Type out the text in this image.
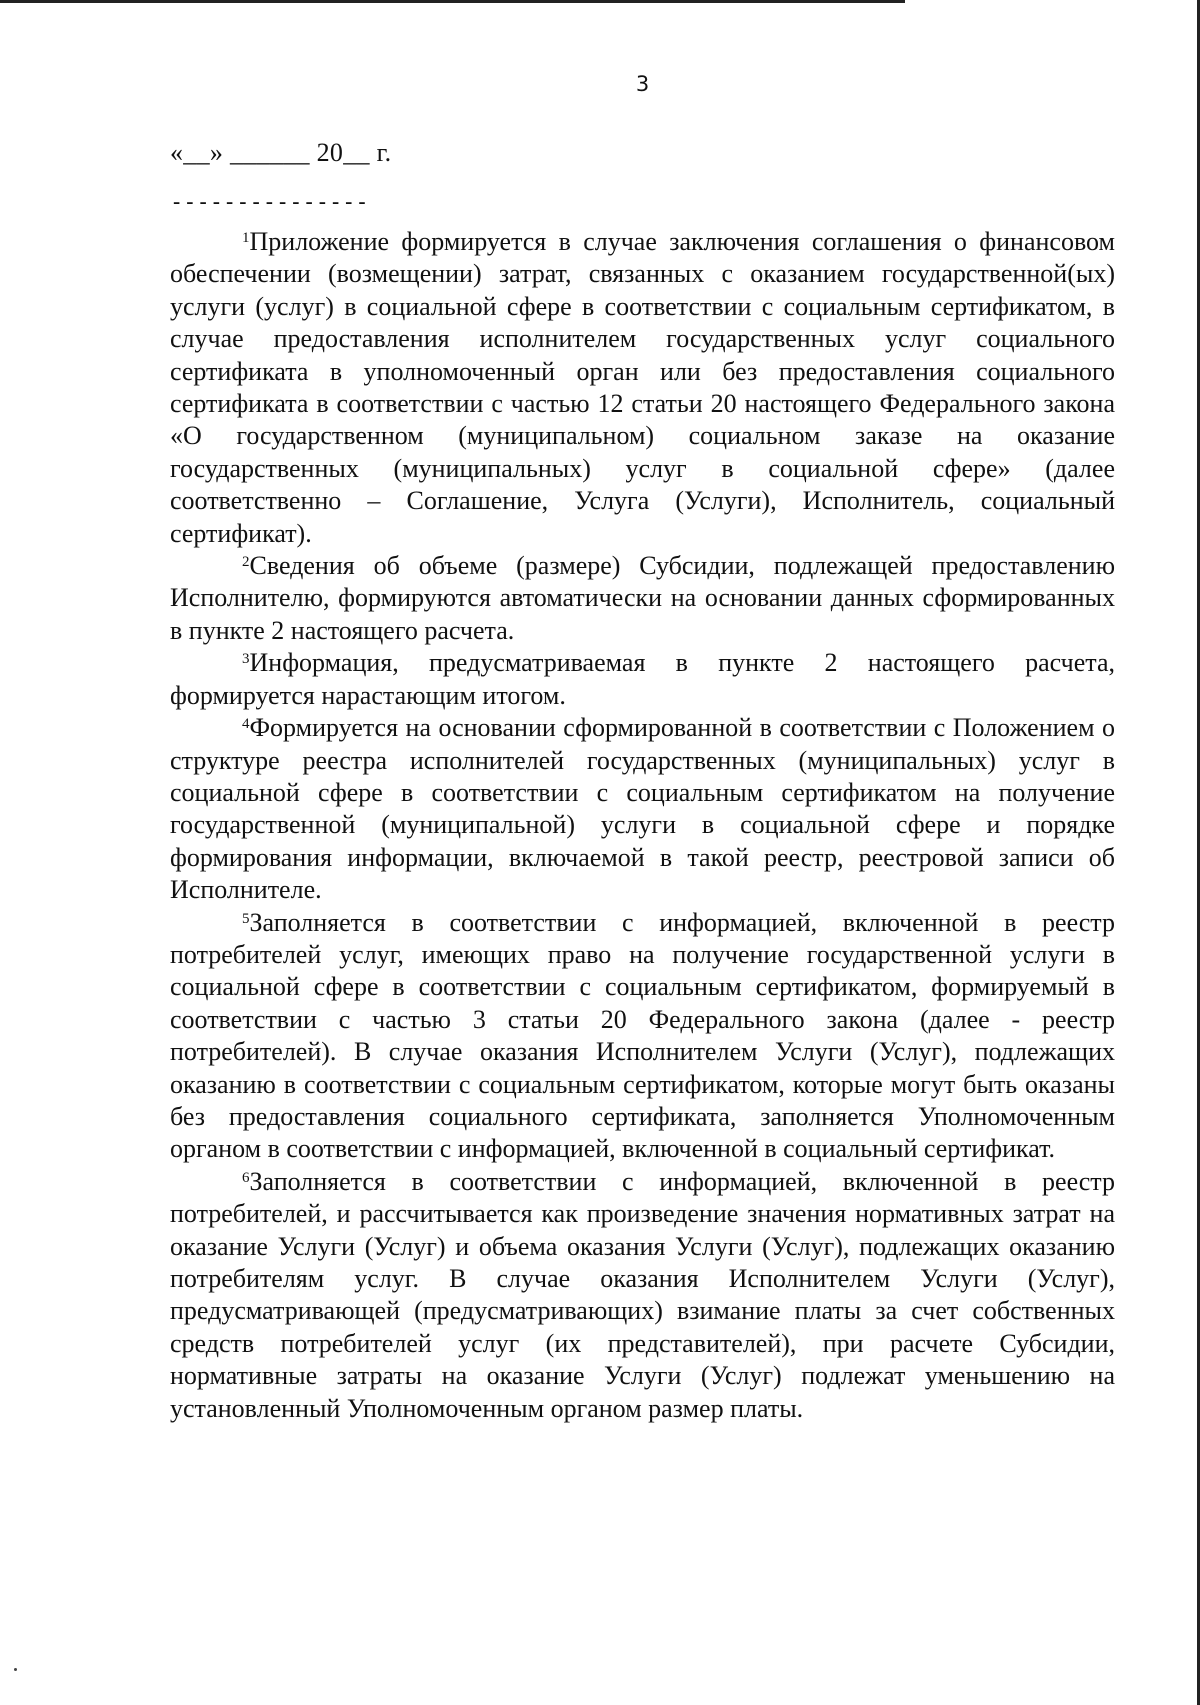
3
«__» ______ 20__ г.
---------------

$^1$Приложение формируется в случае заключения соглашения о финансовом обеспечении (возмещении) затрат, связанных с оказанием государственной(ых) услуги (услуг) в социальной сфере в соответствии с социальным сертификатом, в случае предоставления исполнителем государственных услуг социального сертификата в уполномоченный орган или без предоставления социального сертификата в соответствии с частью 12 статьи 20 настоящего Федерального закона «О государственном (муниципальном) социальном заказе на оказание государственных (муниципальных) услуг в социальной сфере» (далее соответственно – Соглашение, Услуга (Услуги), Исполнитель, социальный сертификат).

$^2$Сведения об объеме (размере) Субсидии, подлежащей предоставлению Исполнителю, формируются автоматически на основании данных сформированных в пункте 2 настоящего расчета.

$^3$Информация, предусматриваемая в пункте 2 настоящего расчета, формируется нарастающим итогом.

$^4$Формируется на основании сформированной в соответствии с Положением о структуре реестра исполнителей государственных (муниципальных) услуг в социальной сфере в соответствии с социальным сертификатом на получение государственной (муниципальной) услуги в социальной сфере и порядке формирования информации, включаемой в такой реестр, реестровой записи об Исполнителе.

$^5$Заполняется в соответствии с информацией, включенной в реестр потребителей услуг, имеющих право на получение государственной услуги в социальной сфере в соответствии с социальным сертификатом, формируемый в соответствии с частью 3 статьи 20 Федерального закона (далее - реестр потребителей). В случае оказания Исполнителем Услуги (Услуг), подлежащих оказанию в соответствии с социальным сертификатом, которые могут быть оказаны без предоставления социального сертификата, заполняется Уполномоченным органом в соответствии с информацией, включенной в социальный сертификат.

$^6$Заполняется в соответствии с информацией, включенной в реестр потребителей, и рассчитывается как произведение значения нормативных затрат на оказание Услуги (Услуг) и объема оказания Услуги (Услуг), подлежащих оказанию потребителям услуг. В случае оказания Исполнителем Услуги (Услуг), предусматривающей (предусматривающих) взимание платы за счет собственных средств потребителей услуг (их представителей), при расчете Субсидии, нормативные затраты на оказание Услуги (Услуг) подлежат уменьшению на установленный Уполномоченным органом размер платы.
